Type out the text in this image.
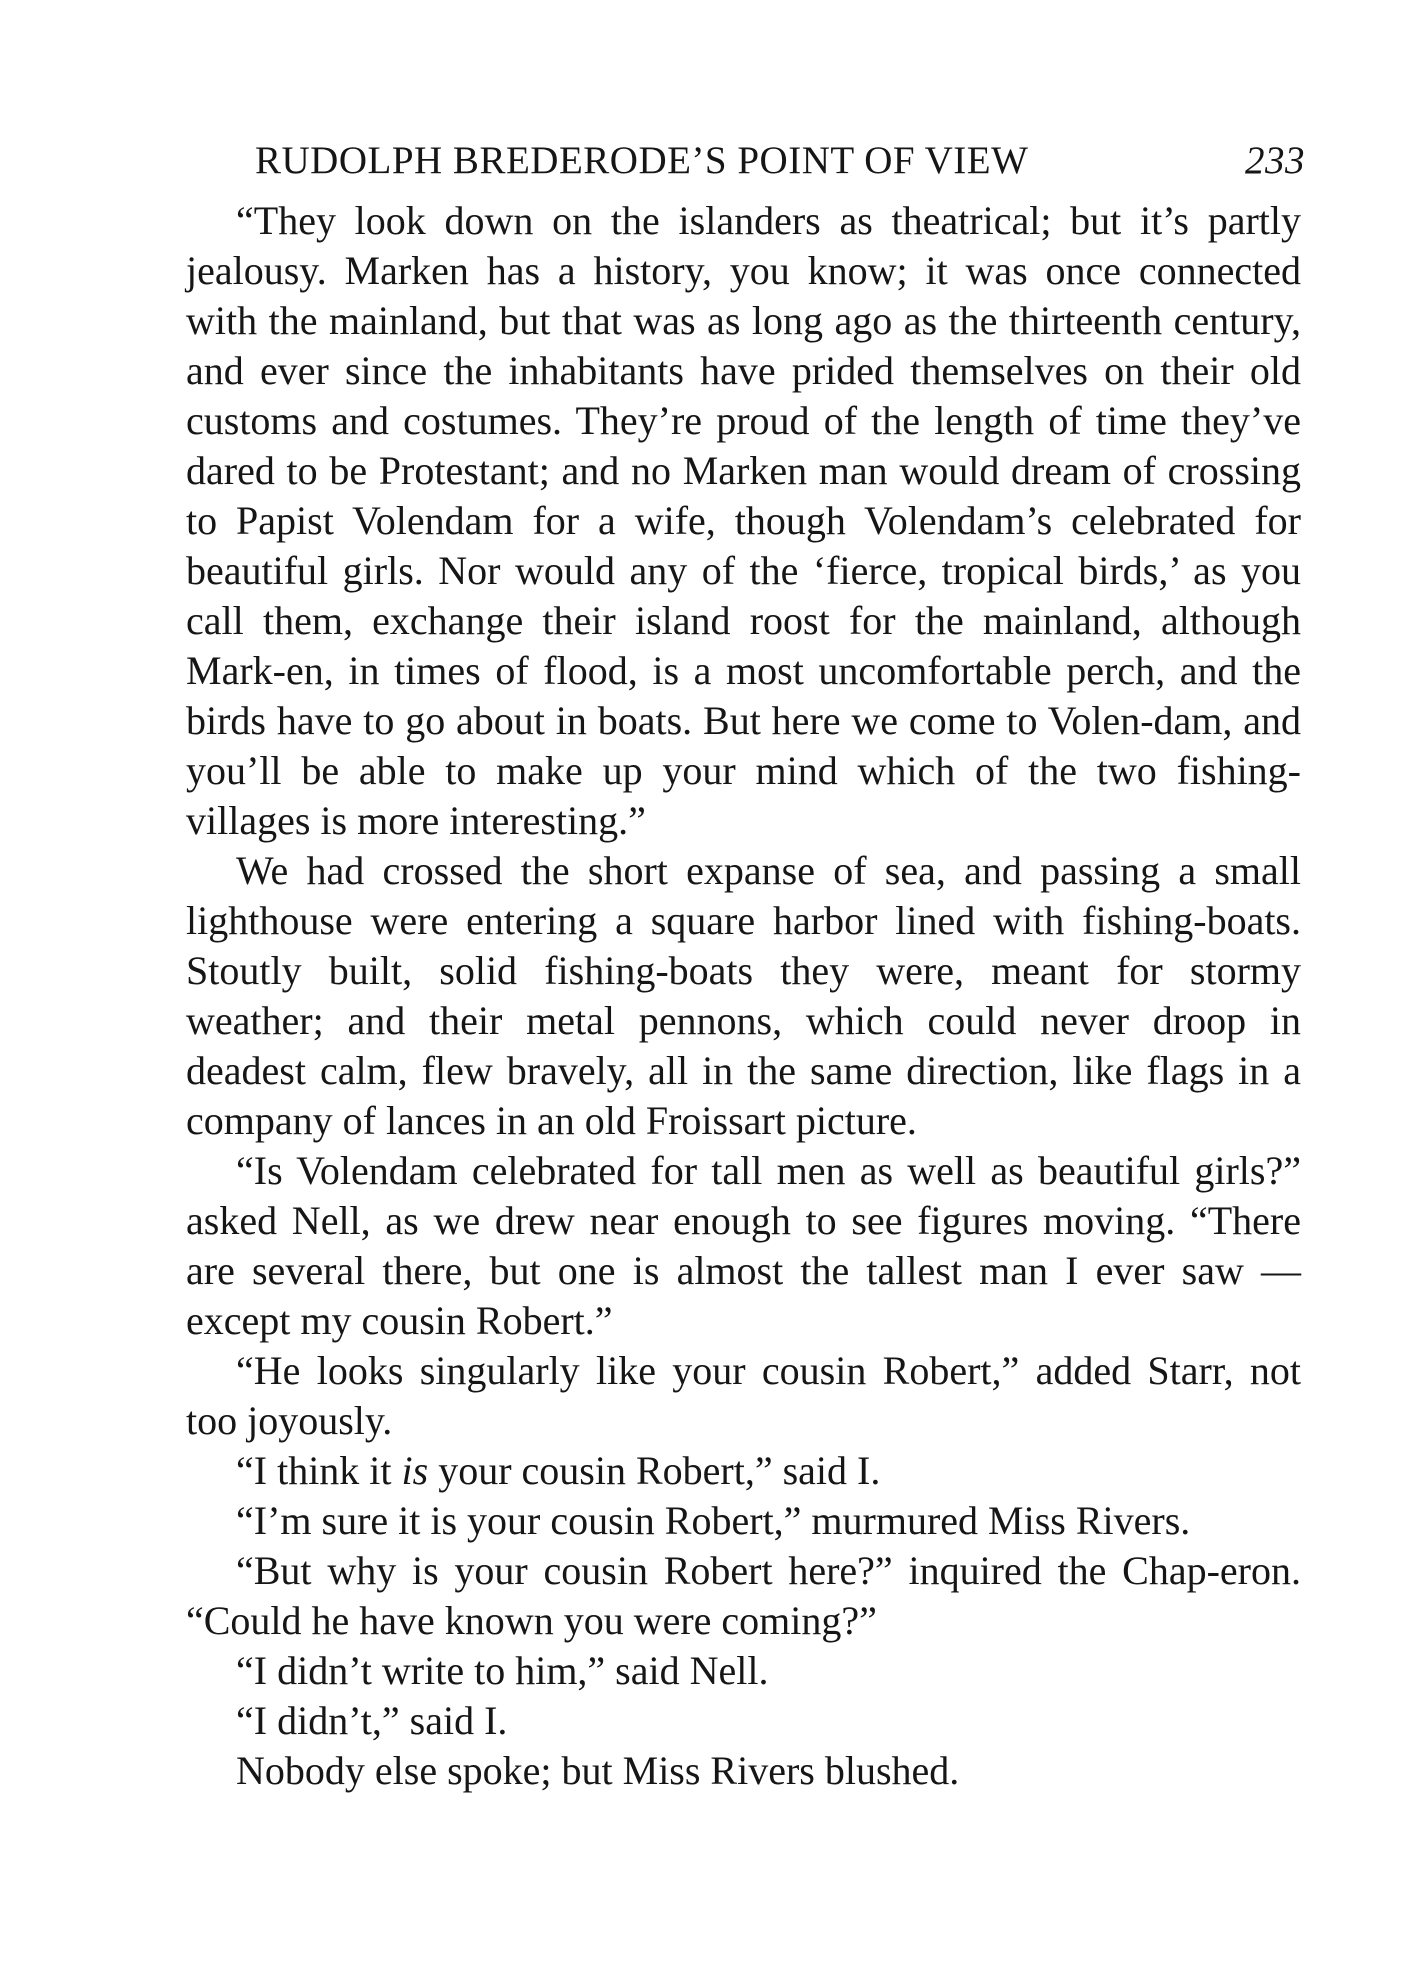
RUDOLPH BREDERODE’S POINT OF VIEW	233

“They look down on the islanders as theatrical; but it’s partly jealousy. Marken has a history, you know; it was once connected with the mainland, but that was as long ago as the thirteenth century, and ever since the inhabitants have prided themselves on their old customs and costumes. They’re proud of the length of time they’ve dared to be Protestant; and no Marken man would dream of crossing to Papist Volendam for a wife, though Volendam’s celebrated for beautiful girls. Nor would any of the ‘fierce, tropical birds,’ as you call them, exchange their island roost for the mainland, although Mark-en, in times of flood, is a most uncomfortable perch, and the birds have to go about in boats. But here we come to Volen-dam, and you’ll be able to make up your mind which of the two fishing-villages is more interesting.”

We had crossed the short expanse of sea, and passing a small lighthouse were entering a square harbor lined with fishing-boats. Stoutly built, solid fishing-boats they were, meant for stormy weather; and their metal pennons, which could never droop in deadest calm, flew bravely, all in the same direction, like flags in a company of lances in an old Froissart picture.

“Is Volendam celebrated for tall men as well as beautiful girls?” asked Nell, as we drew near enough to see figures moving. “There are several there, but one is almost the tallest man I ever saw — except my cousin Robert.”

“He looks singularly like your cousin Robert,” added Starr, not too joyously.

“I think it is your cousin Robert,” said I.

“I’m sure it is your cousin Robert,” murmured Miss Rivers.

“But why is your cousin Robert here?” inquired the Chap-eron. “Could he have known you were coming?”

“I didn’t write to him,” said Nell.

“I didn’t,” said I.

Nobody else spoke; but Miss Rivers blushed.
